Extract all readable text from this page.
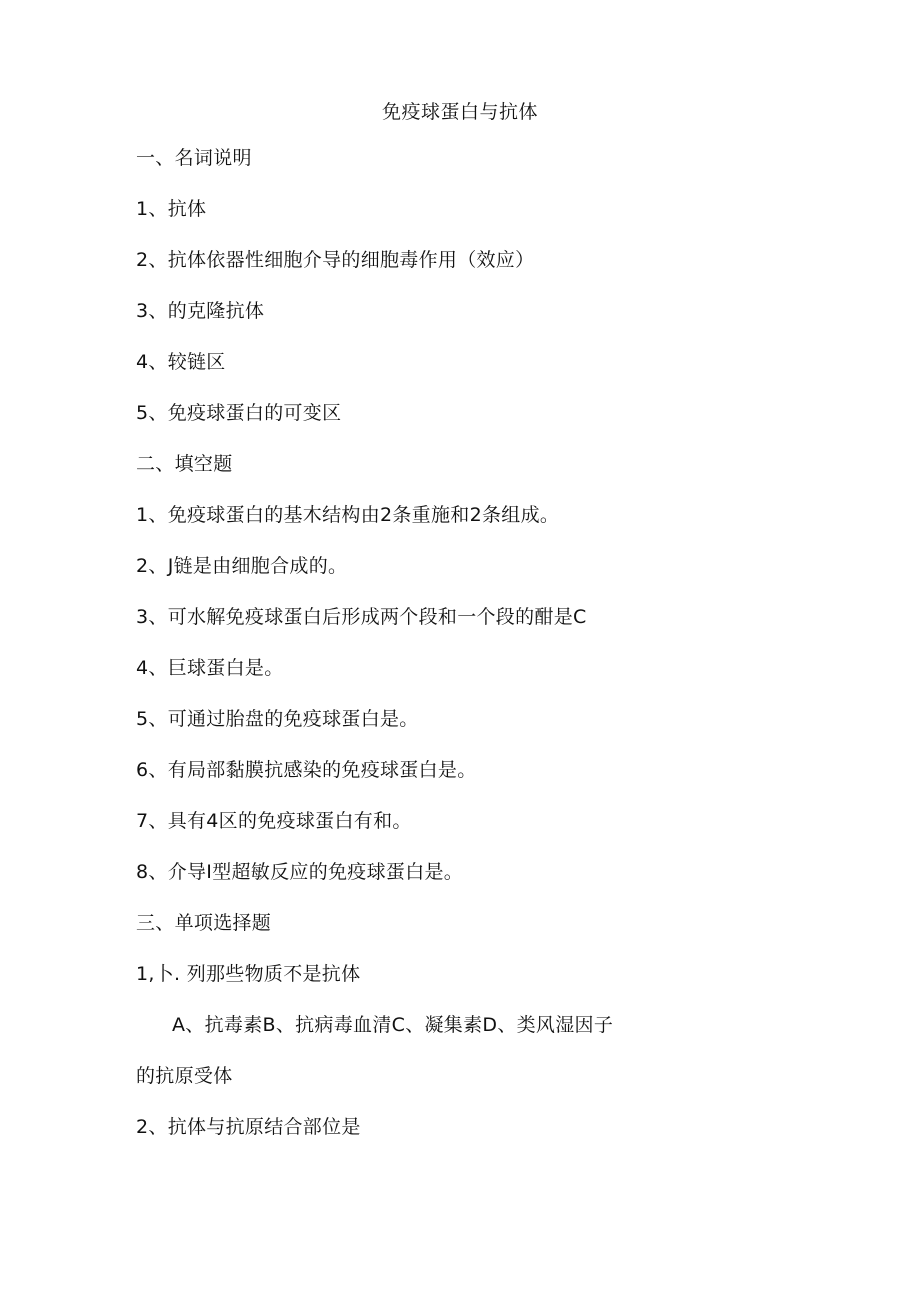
免疫球蛋白与抗体
一、名词说明
1、抗体
2、抗体依器性细胞介导的细胞毒作用（效应）
3、的克隆抗体
4、较链区
5、免疫球蛋白的可变区
二、填空题
1、免疫球蛋白的基木结构由2条重施和2条组成。
2、J链是由细胞合成的。
3、可水解免疫球蛋白后形成两个段和一个段的酣是C
4、巨球蛋白是。
5、可通过胎盘的免疫球蛋白是。
6、有局部黏膜抗感染的免疫球蛋白是。
7、具有4区的免疫球蛋白有和。
8、介导I型超敏反应的免疫球蛋白是。
三、单项选择题
1,卜. 列那些物质不是抗体
A、抗毒素B、抗病毒血清C、凝集素D、类风湿因子
的抗原受体
2、抗体与抗原结合部位是
